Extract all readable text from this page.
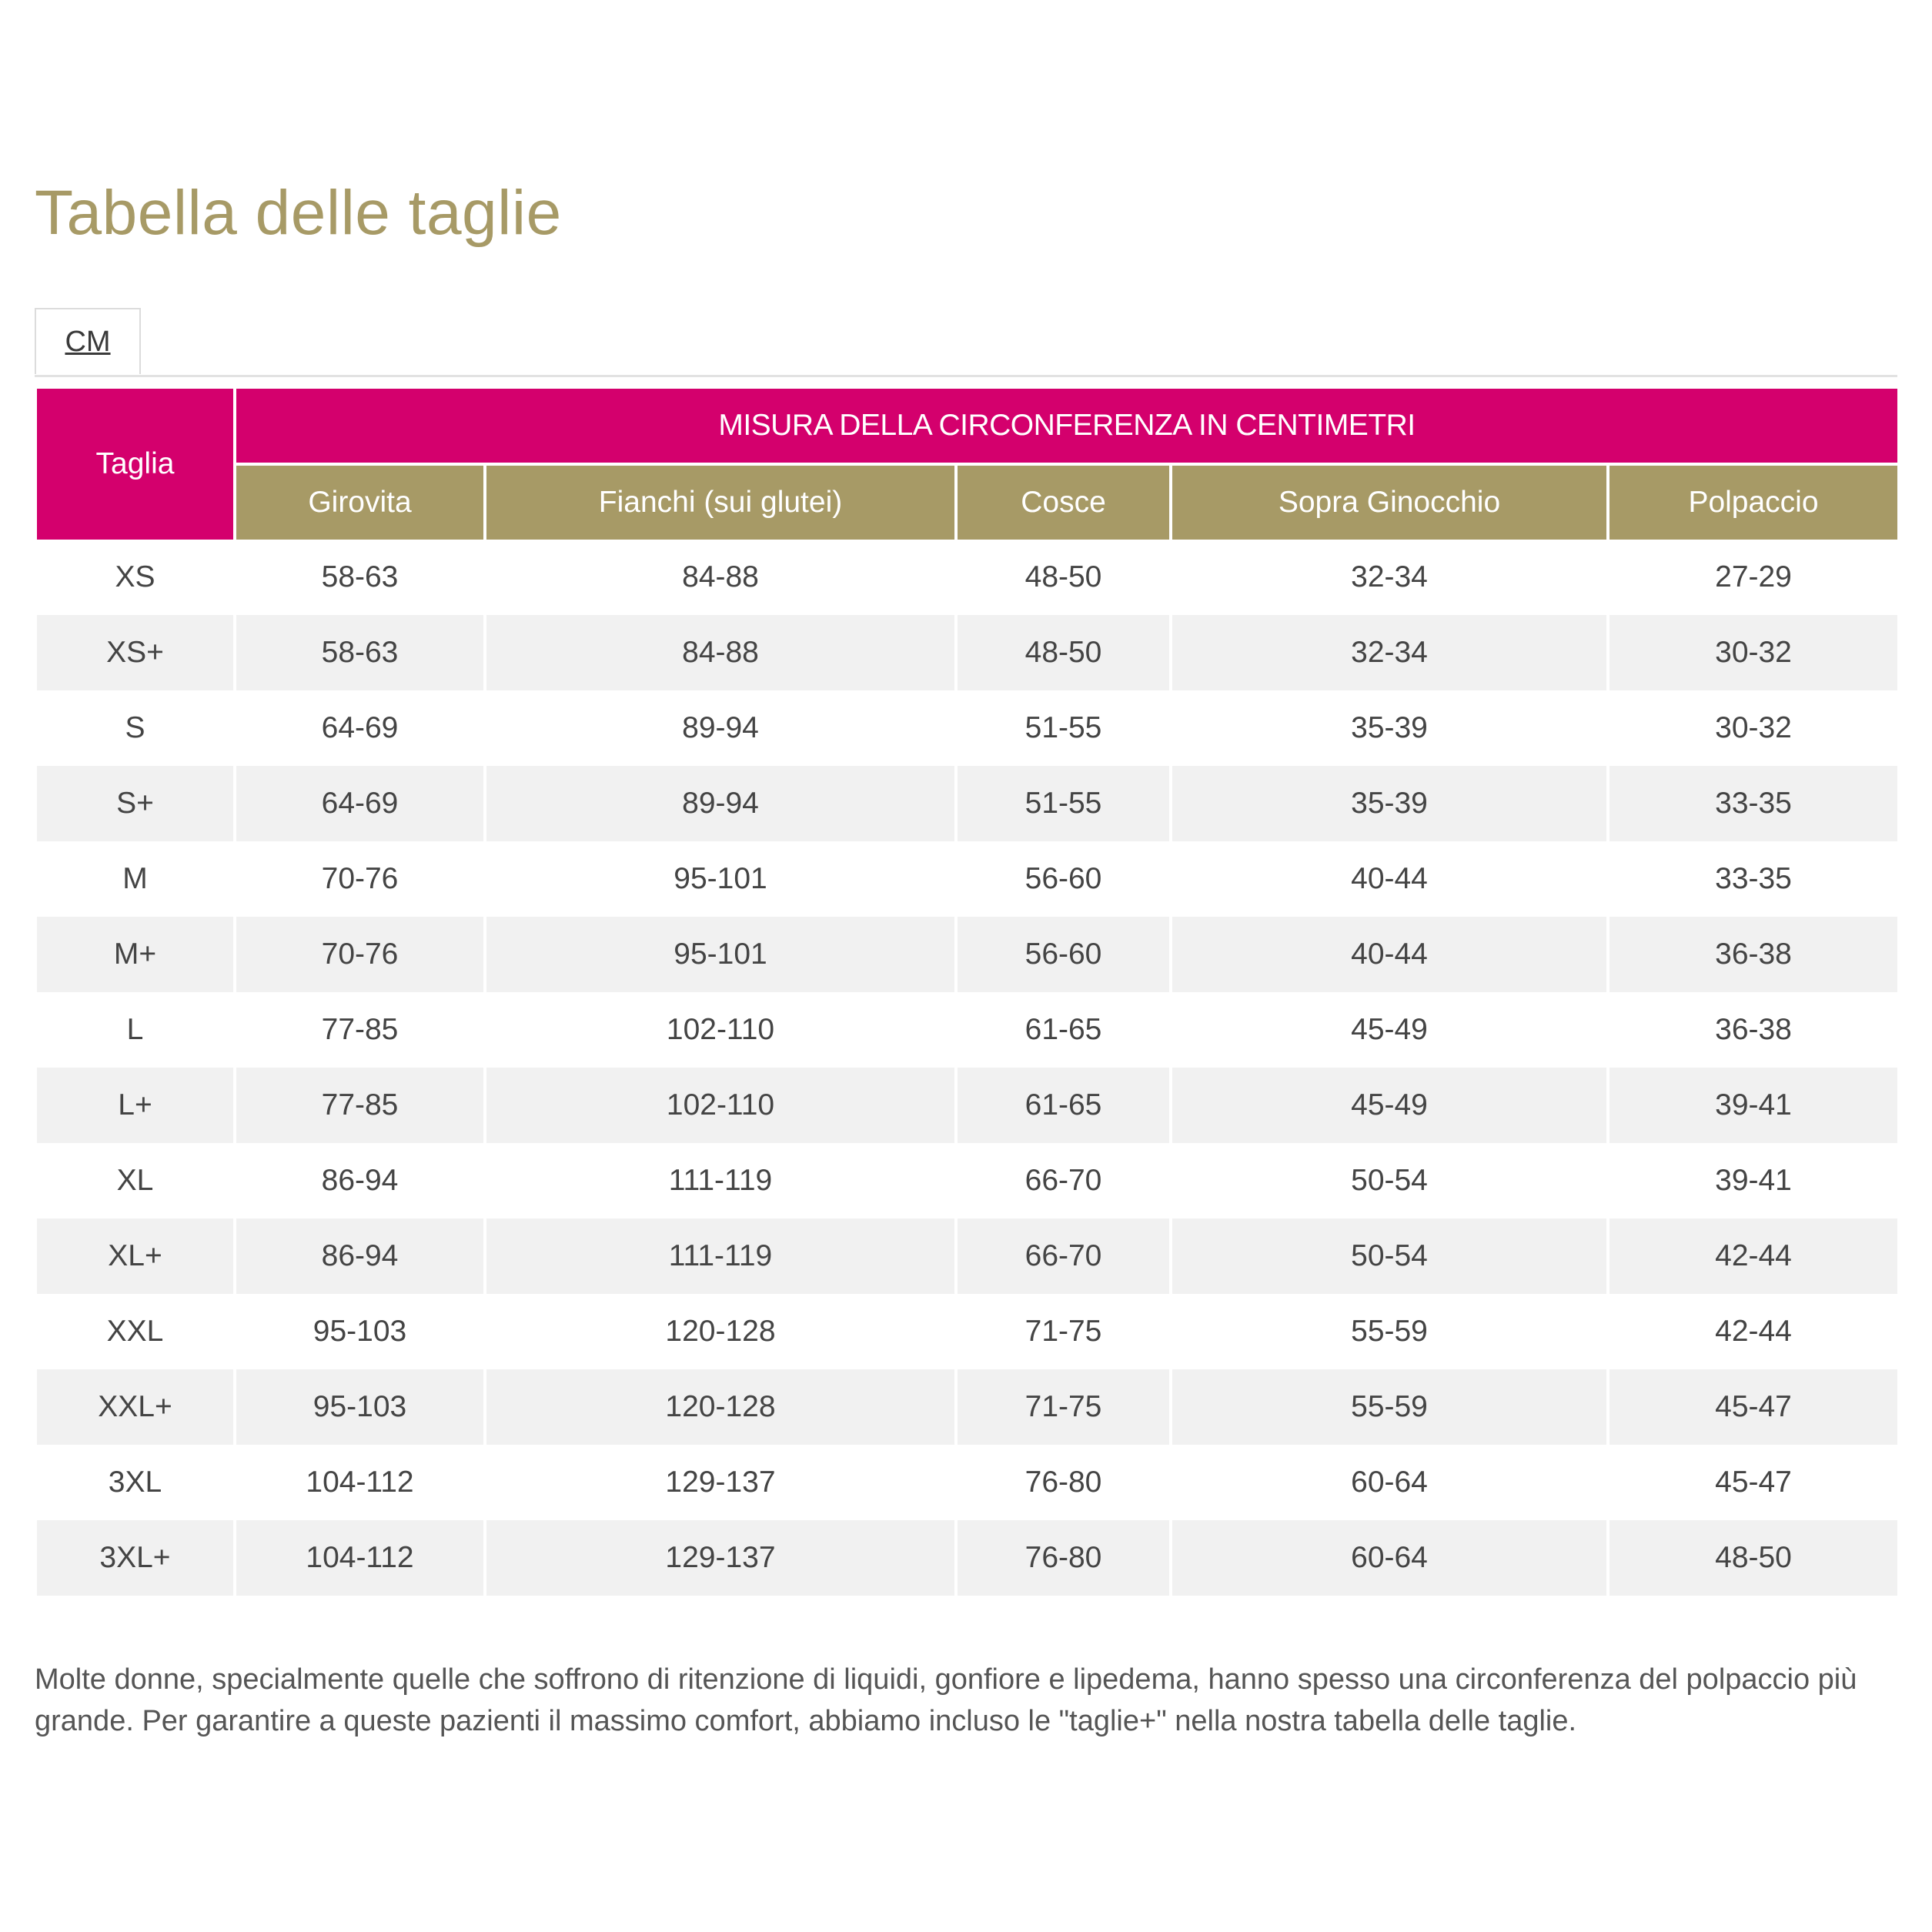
Tabella delle taglie
CM
Taglia	MISURA DELLA CIRCONFERENZA IN CENTIMETRI				
	Girovita	Fianchi (sui glutei)	Cosce	Sopra Ginocchio	Polpaccio
XS	58-63	84-88	48-50	32-34	27-29
XS+	58-63	84-88	48-50	32-34	30-32
S	64-69	89-94	51-55	35-39	30-32
S+	64-69	89-94	51-55	35-39	33-35
M	70-76	95-101	56-60	40-44	33-35
M+	70-76	95-101	56-60	40-44	36-38
L	77-85	102-110	61-65	45-49	36-38
L+	77-85	102-110	61-65	45-49	39-41
XL	86-94	111-119	66-70	50-54	39-41
XL+	86-94	111-119	66-70	50-54	42-44
XXL	95-103	120-128	71-75	55-59	42-44
XXL+	95-103	120-128	71-75	55-59	45-47
3XL	104-112	129-137	76-80	60-64	45-47
3XL+	104-112	129-137	76-80	60-64	48-50

Molte donne, specialmente quelle che soffrono di ritenzione di liquidi, gonfiore e lipedema, hanno spesso una circonferenza del polpaccio più grande. Per garantire a queste pazienti il massimo comfort, abbiamo incluso le "taglie+" nella nostra tabella delle taglie.
